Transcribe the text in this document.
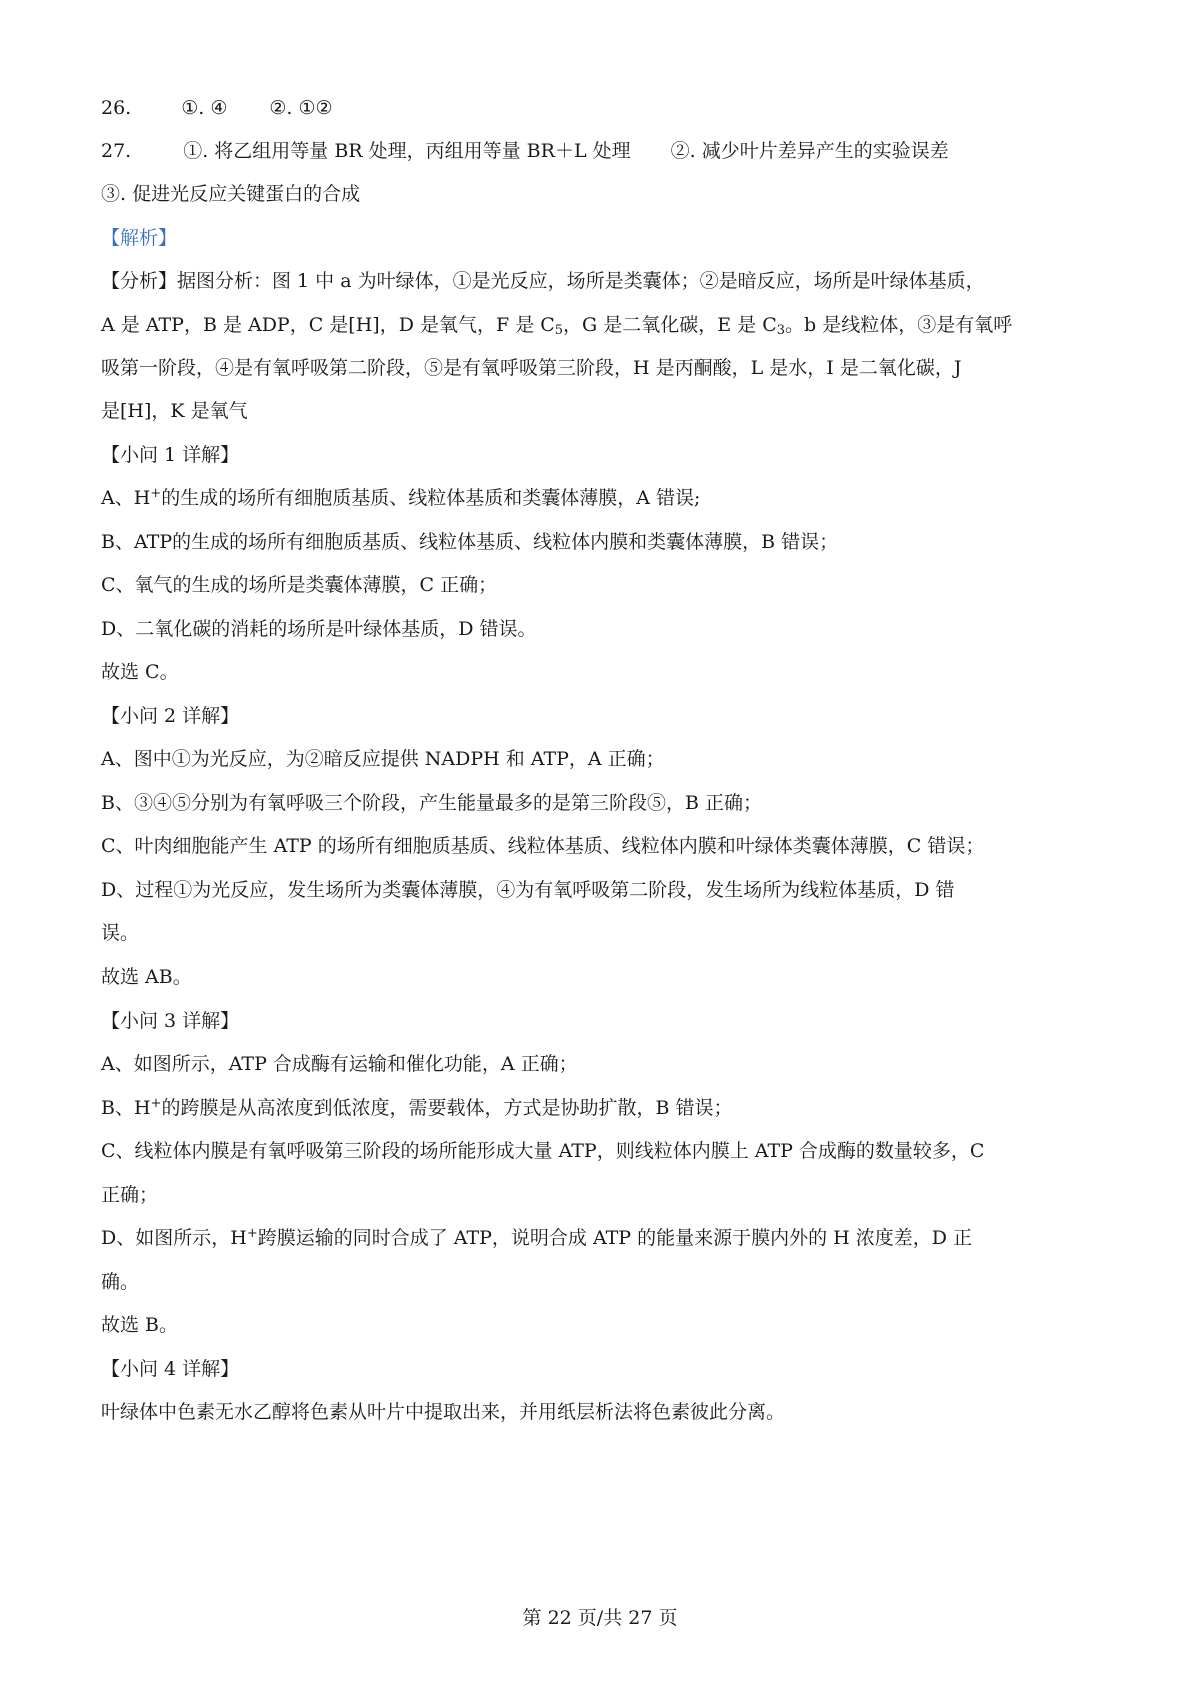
26.	①. ④ ②. ①②
27.	①. 将乙组用等量 BR 处理，丙组用等量 BR＋L 处理 ②. 减少叶片差异产生的实验误差
③. 促进光反应关键蛋白的合成
【解析】
【分析】据图分析：图 1 中 a 为叶绿体，①是光反应，场所是类囊体；②是暗反应，场所是叶绿体基质，
A 是 ATP，B 是 ADP，C 是[H]，D 是氧气，F 是 $C_5$，G 是二氧化碳，E 是 $C_3$。b 是线粒体，③是有氧呼
吸第一阶段，④是有氧呼吸第二阶段，⑤是有氧呼吸第三阶段，H 是丙酮酸，L 是水，I 是二氧化碳，J
是[H]，K 是氧气
【小问 1 详解】
A、H+的生成的场所有细胞质基质、线粒体基质和类囊体薄膜，A 错误;
B、ATP的生成的场所有细胞质基质、线粒体基质、线粒体内膜和类囊体薄膜，B 错误；
C、氧气的生成的场所是类囊体薄膜，C 正确；
D、二氧化碳的消耗的场所是叶绿体基质，D 错误。
故选 C。
【小问 2 详解】
A、图中①为光反应，为②暗反应提供 NADPH 和 ATP，A 正确；
B、③④⑤分别为有氧呼吸三个阶段，产生能量最多的是第三阶段⑤，B 正确；
C、叶肉细胞能产生 ATP 的场所有细胞质基质、线粒体基质、线粒体内膜和叶绿体类囊体薄膜，C 错误；
D、过程①为光反应，发生场所为类囊体薄膜，④为有氧呼吸第二阶段，发生场所为线粒体基质，D 错
误。
故选 AB。
【小问 3 详解】
A、如图所示，ATP 合成酶有运输和催化功能，A 正确；
B、H+的跨膜是从高浓度到低浓度，需要载体，方式是协助扩散，B 错误；
C、线粒体内膜是有氧呼吸第三阶段的场所能形成大量 ATP，则线粒体内膜上 ATP 合成酶的数量较多，C
正确；
D、如图所示，H+跨膜运输的同时合成了 ATP，说明合成 ATP 的能量来源于膜内外的 H 浓度差，D 正
确。
故选 B。
【小问 4 详解】
叶绿体中色素无水乙醇将色素从叶片中提取出来，并用纸层析法将色素彼此分离。
第 22 页/共 27 页
